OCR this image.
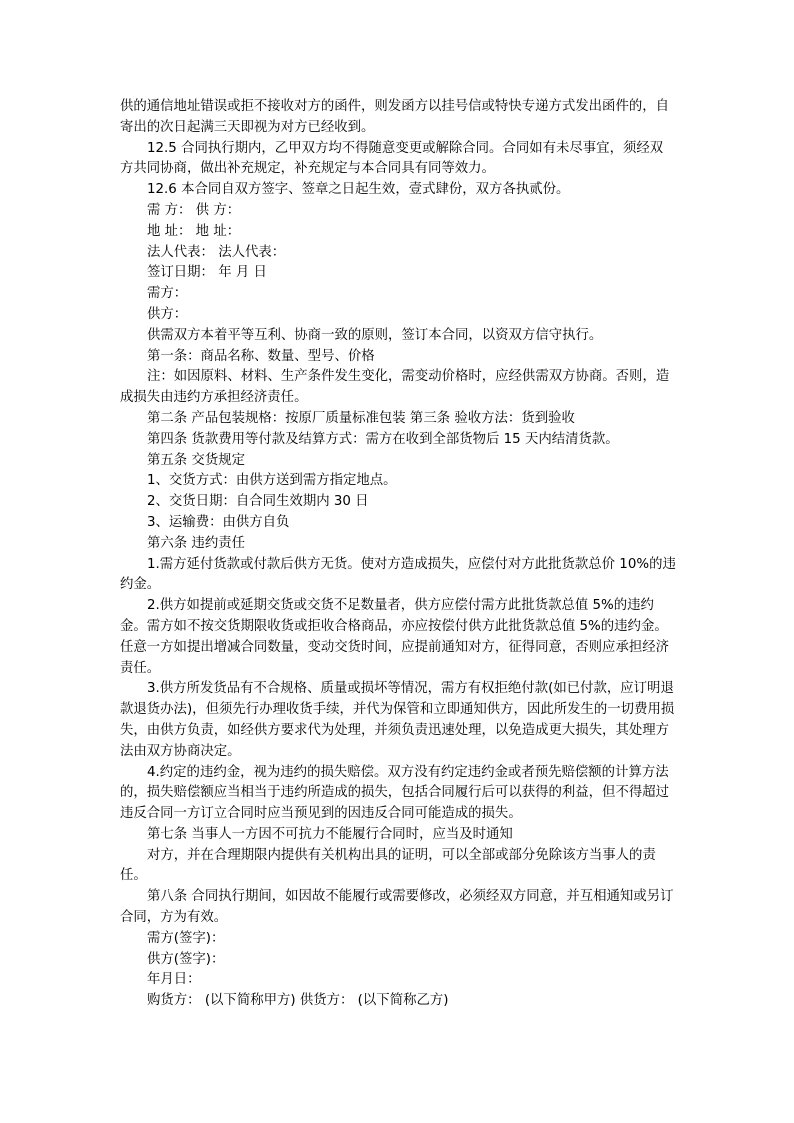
供的通信地址错误或拒不接收对方的函件，则发函方以挂号信或特快专递方式发出函件的，自寄出的次日起满三天即视为对方已经收到。

12.5 合同执行期内，乙甲双方均不得随意变更或解除合同。合同如有未尽事宜，须经双方共同协商，做出补充规定，补充规定与本合同具有同等效力。

12.6 本合同自双方签字、签章之日起生效，壹式肆份，双方各执贰份。

需 方： 供 方：

地 址： 地 址：

法人代表： 法人代表：

签订日期： 年 月 日

需方：

供方：

供需双方本着平等互利、协商一致的原则，签订本合同，以资双方信守执行。

第一条：商品名称、数量、型号、价格

注：如因原料、材料、生产条件发生变化，需变动价格时，应经供需双方协商。否则，造成损失由违约方承担经济责任。

第二条 产品包装规格：按原厂质量标准包装 第三条 验收方法：货到验收

第四条 货款费用等付款及结算方式：需方在收到全部货物后 15 天内结清货款。

第五条 交货规定

1、交货方式：由供方送到需方指定地点。

2、交货日期：自合同生效期内 30 日

3、运输费：由供方自负

第六条 违约责任

1.需方延付货款或付款后供方无货。使对方造成损失，应偿付对方此批货款总价 10%的违约金。

2.供方如提前或延期交货或交货不足数量者，供方应偿付需方此批货款总值 5%的违约金。需方如不按交货期限收货或拒收合格商品，亦应按偿付供方此批货款总值 5%的违约金。任意一方如提出增减合同数量，变动交货时间，应提前通知对方，征得同意，否则应承担经济责任。

3.供方所发货品有不合规格、质量或损坏等情况，需方有权拒绝付款(如已付款，应订明退款退货办法)，但须先行办理收货手续，并代为保管和立即通知供方，因此所发生的一切费用损失，由供方负责，如经供方要求代为处理，并须负责迅速处理，以免造成更大损失，其处理方法由双方协商决定。

4.约定的违约金，视为违约的损失赔偿。双方没有约定违约金或者预先赔偿额的计算方法的，损失赔偿额应当相当于违约所造成的损失，包括合同履行后可以获得的利益，但不得超过违反合同一方订立合同时应当预见到的因违反合同可能造成的损失。

第七条 当事人一方因不可抗力不能履行合同时，应当及时通知

对方，并在合理期限内提供有关机构出具的证明，可以全部或部分免除该方当事人的责任。

第八条 合同执行期间，如因故不能履行或需要修改，必须经双方同意，并互相通知或另订合同，方为有效。

需方(签字)：

供方(签字)：

年月日：

购货方： (以下简称甲方) 供货方： (以下简称乙方)
